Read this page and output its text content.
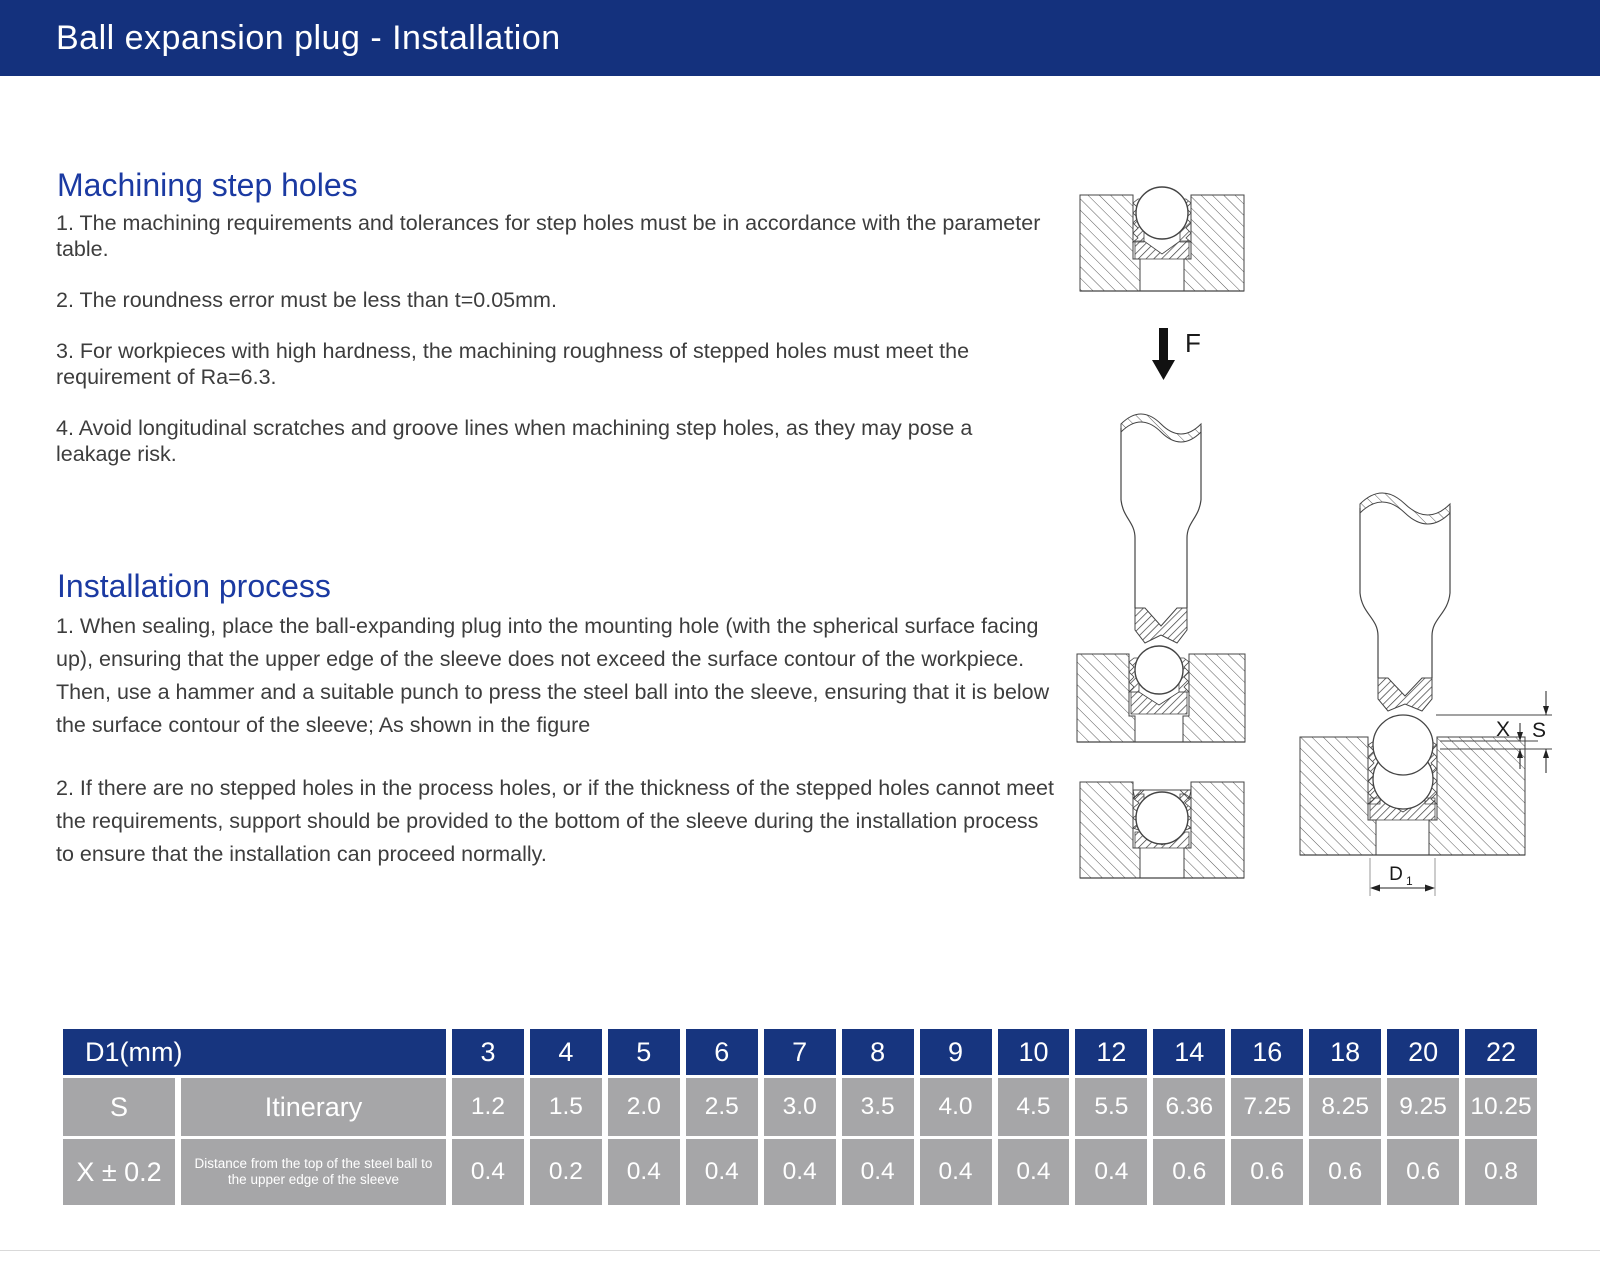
Ball expansion plug - Installation
Machining step holes

1. The machining requirements and tolerances for step holes must be in accordance with the parameter table.

2. The roundness error must be less than t=0.05mm.

3. For workpieces with high hardness, the machining roughness of stepped holes must meet the requirement of Ra=6.3.

4. Avoid longitudinal scratches and groove lines when machining step holes, as they may pose a leakage risk.

Installation process

1. When sealing, place the ball-expanding plug into the mounting hole (with the spherical surface facing up), ensuring that the upper edge of the sleeve does not exceed the surface contour of the workpiece. Then, use a hammer and a suitable punch to press the steel ball into the sleeve, ensuring that it is below the surface contour of the sleeve; As shown in the figure

2. If there are no stepped holes in the process holes, or if the thickness of the stepped holes cannot meet the requirements, support should be provided to the bottom of the sleeve during the installation process to ensure that the installation can proceed normally.

F
X S
D 1
D1(mm)	3	4	5	6	7	8	9	10	12	14	16	18	20	22
S	Itinerary	1.2	1.5	2.0	2.5	3.0	3.5	4.0	4.5	5.5	6.36	7.25	8.25	9.25 10.25
X ± 0.2	Distance from the top of the steel ball to the upper edge of the sleeve	0.4	0.2	0.4	0.4	0.4	0.4	0.4	0.4	0.4	0.6	0.6	0.6	0.6	0.8
